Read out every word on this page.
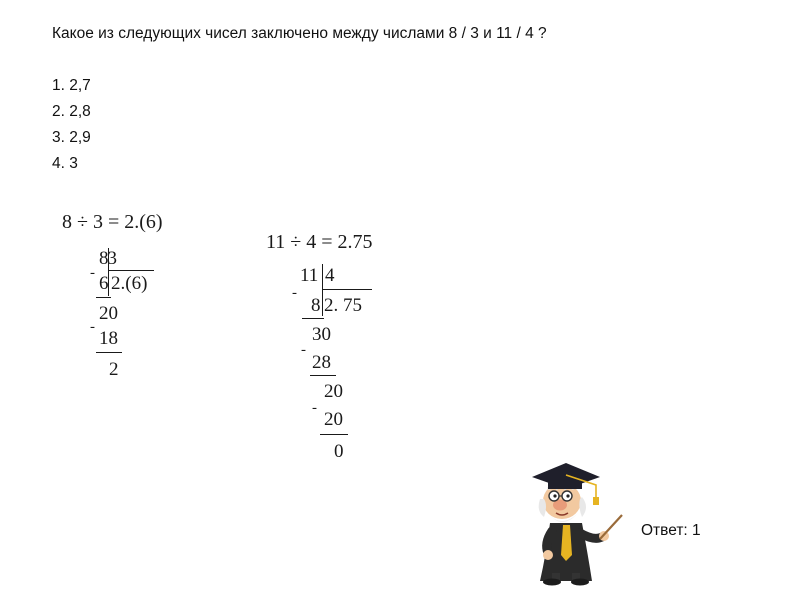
Какое из следующих чисел заключено между числами 8 / 3 и 11 / 4 ?
1. 2,7
2. 2,8
3. 2,9
4. 3
8 ÷ 3 = 2.(6)
83
- 6 2.(6)
20
-
18
2
11 ÷ 4 = 2.75
11 4
-
8 2. 75
30
-
28
20
-
20
0
Ответ: 1
